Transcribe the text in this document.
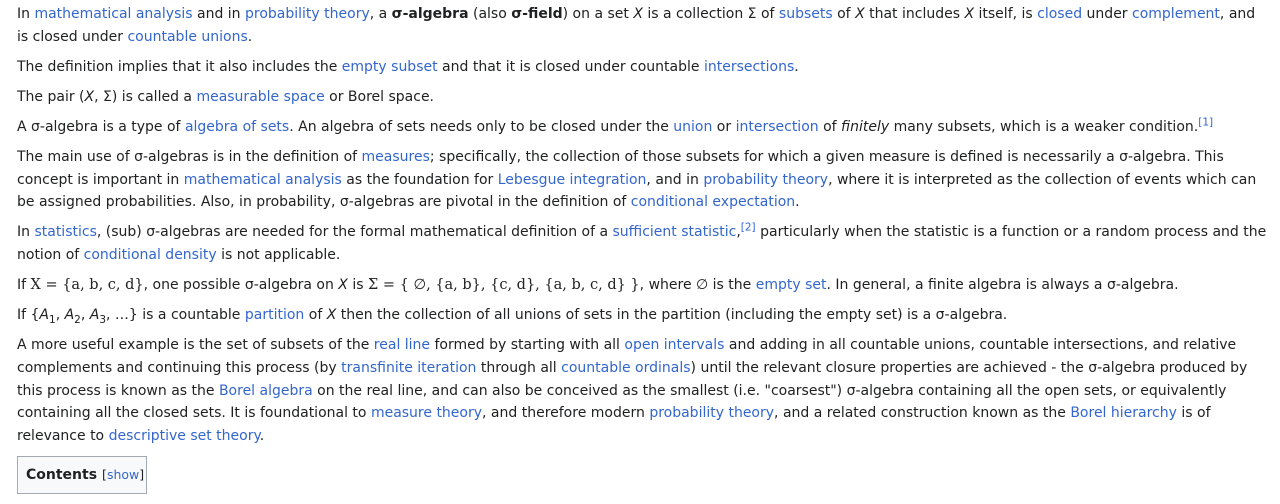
In mathematical analysis and in probability theory, a σ-algebra (also σ-field) on a set X is a collection Σ of subsets of X that includes X itself, is closed under complement, and is closed under countable unions.

The definition implies that it also includes the empty subset and that it is closed under countable intersections.

The pair (X, Σ) is called a measurable space or Borel space.

A σ-algebra is a type of algebra of sets. An algebra of sets needs only to be closed under the union or intersection of finitely many subsets, which is a weaker condition.[1]

The main use of σ-algebras is in the definition of measures; specifically, the collection of those subsets for which a given measure is defined is necessarily a σ-algebra. This concept is important in mathematical analysis as the foundation for Lebesgue integration, and in probability theory, where it is interpreted as the collection of events which can be assigned probabilities. Also, in probability, σ-algebras are pivotal in the definition of conditional expectation.

In statistics, (sub) σ-algebras are needed for the formal mathematical definition of a sufficient statistic,[2] particularly when the statistic is a function or a random process and the notion of conditional density is not applicable.

If X = {a, b, c, d}, one possible σ-algebra on X is Σ = { ∅, {a, b}, {c, d}, {a, b, c, d} }, where ∅ is the empty set. In general, a finite algebra is always a σ-algebra.

If {$A_1$, $A_2$, $A_3$, …} is a countable partition of X then the collection of all unions of sets in the partition (including the empty set) is a σ-algebra.

A more useful example is the set of subsets of the real line formed by starting with all open intervals and adding in all countable unions, countable intersections, and relative complements and continuing this process (by transfinite iteration through all countable ordinals) until the relevant closure properties are achieved - the σ-algebra produced by this process is known as the Borel algebra on the real line, and can also be conceived as the smallest (i.e. "coarsest") σ-algebra containing all the open sets, or equivalently containing all the closed sets. It is foundational to measure theory, and therefore modern probability theory, and a related construction known as the Borel hierarchy is of relevance to descriptive set theory.

Contents [show]
